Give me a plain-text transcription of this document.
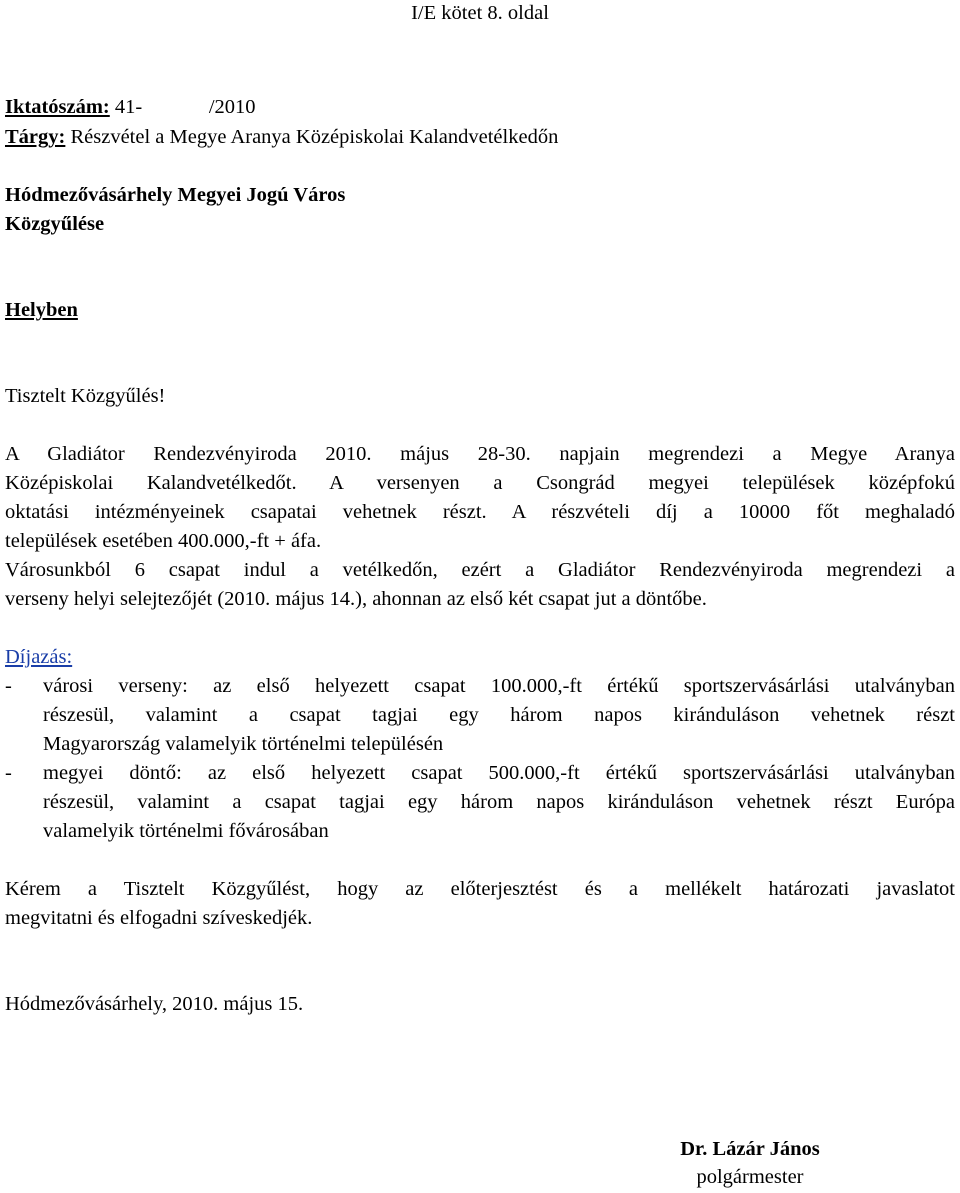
I/E kötet 8. oldal
Iktatószám: 41-             /2010
Tárgy: Részvétel a Megye Aranya Középiskolai Kalandvetélkedőn
Hódmezővásárhely Megyei Jogú Város
Közgyűlése
Helyben
Tisztelt Közgyűlés!
A Gladiátor Rendezvényiroda 2010. május 28-30. napjain megrendezi a Megye Aranya
Középiskolai Kalandvetélkedőt. A versenyen a Csongrád megyei települések középfokú
oktatási intézményeinek csapatai vehetnek részt. A részvételi díj a 10000 főt meghaladó
települések esetében 400.000,-ft + áfa.
Városunkból 6 csapat indul a vetélkedőn, ezért a Gladiátor Rendezvényiroda megrendezi a
verseny helyi selejtezőjét (2010. május 14.), ahonnan az első két csapat jut a döntőbe.
Díjazás:
- városi verseny: az első helyezett csapat 100.000,-ft értékű sportszervásárlási utalványban
részesül, valamint a csapat tagjai egy három napos kiránduláson vehetnek részt
Magyarország valamelyik történelmi településén
- megyei döntő: az első helyezett csapat 500.000,-ft értékű sportszervásárlási utalványban
részesül, valamint a csapat tagjai egy három napos kiránduláson vehetnek részt Európa
valamelyik történelmi fővárosában
Kérem a Tisztelt Közgyűlést, hogy az előterjesztést és a mellékelt határozati javaslatot
megvitatni és elfogadni szíveskedjék.
Hódmezővásárhely, 2010. május 15.
Dr. Lázár János
polgármester
